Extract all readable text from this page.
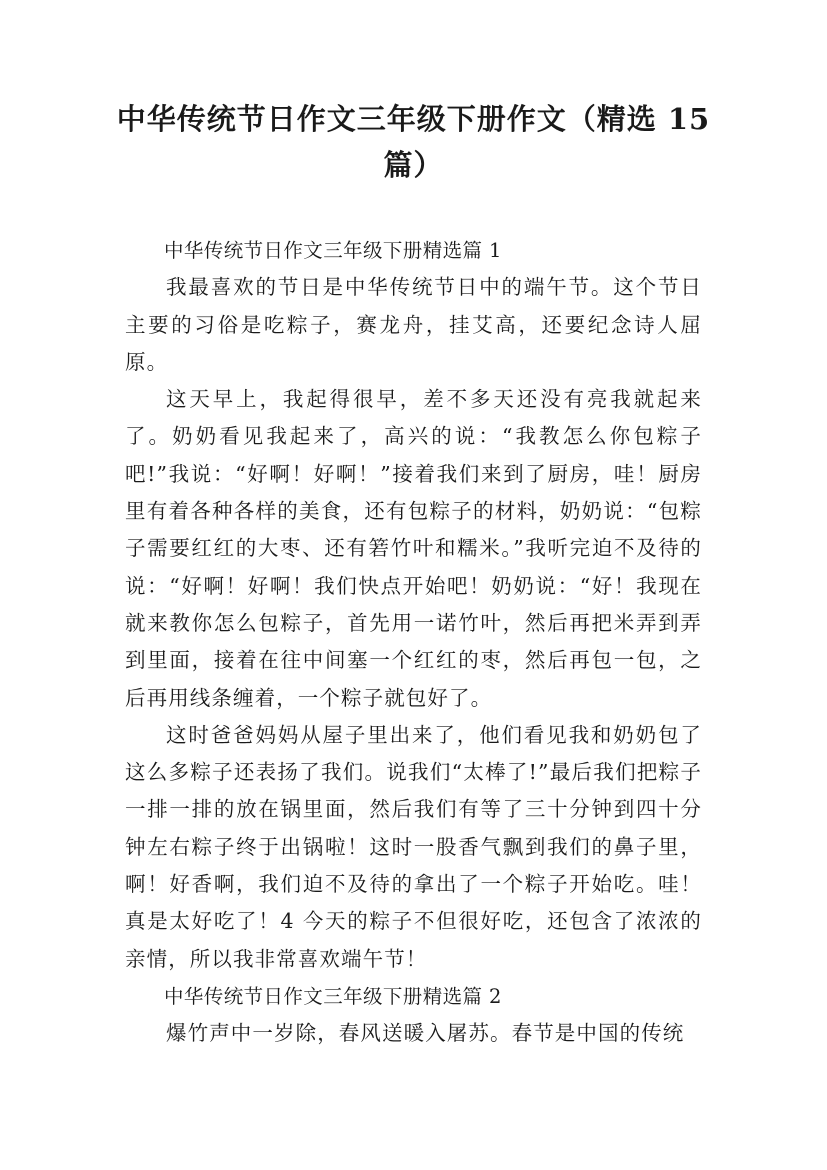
中华传统节日作文三年级下册作文（精选 15 篇）

中华传统节日作文三年级下册精选篇 1

我最喜欢的节日是中华传统节日中的端午节。这个节日主要的习俗是吃粽子，赛龙舟，挂艾高，还要纪念诗人屈原。

这天早上，我起得很早，差不多天还没有亮我就起来了。奶奶看见我起来了，高兴的说：“我教怎么你包粽子吧!”我说：“好啊！好啊！”接着我们来到了厨房，哇！厨房里有着各种各样的美食，还有包粽子的材料，奶奶说：“包粽子需要红红的大枣、还有箬竹叶和糯米。”我听完迫不及待的说：“好啊！好啊！我们快点开始吧！奶奶说：“好！我现在就来教你怎么包粽子，首先用一诺竹叶，然后再把米弄到弄到里面，接着在往中间塞一个红红的枣，然后再包一包，之后再用线条缠着，一个粽子就包好了。

这时爸爸妈妈从屋子里出来了，他们看见我和奶奶包了这么多粽子还表扬了我们。说我们“太棒了!”最后我们把粽子一排一排的放在锅里面，然后我们有等了三十分钟到四十分钟左右粽子终于出锅啦！这时一股香气飘到我们的鼻子里，啊！好香啊，我们迫不及待的拿出了一个粽子开始吃。哇！真是太好吃了！4 今天的粽子不但很好吃，还包含了浓浓的亲情，所以我非常喜欢端午节！

中华传统节日作文三年级下册精选篇 2

爆竹声中一岁除，春风送暖入屠苏。春节是中国的传统
